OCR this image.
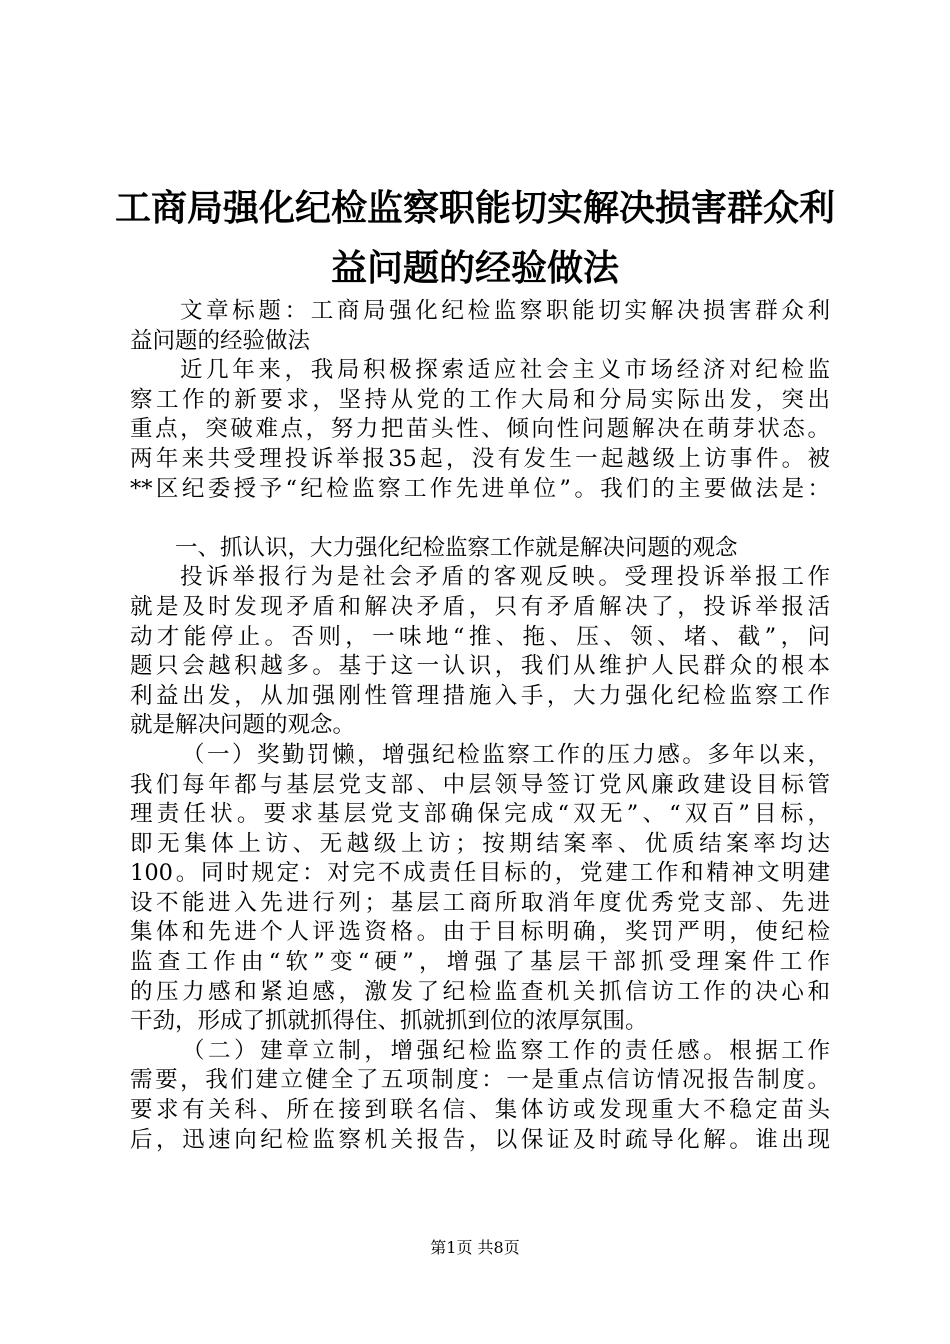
工商局强化纪检监察职能切实解决损害群众利
益问题的经验做法
文章标题：工商局强化纪检监察职能切实解决损害群众利
益问题的经验做法
近几年来，我局积极探索适应社会主义市场经济对纪检监
察工作的新要求，坚持从党的工作大局和分局实际出发，突出
重点，突破难点，努力把苗头性、倾向性问题解决在萌芽状态。
两年来共受理投诉举报35起，没有发生一起越级上访事件。被
**区纪委授予“纪检监察工作先进单位”。我们的主要做法是：
一、抓认识，大力强化纪检监察工作就是解决问题的观念
投诉举报行为是社会矛盾的客观反映。受理投诉举报工作
就是及时发现矛盾和解决矛盾，只有矛盾解决了，投诉举报活
动才能停止。否则，一味地“推、拖、压、领、堵、截”，问
题只会越积越多。基于这一认识，我们从维护人民群众的根本
利益出发，从加强刚性管理措施入手，大力强化纪检监察工作
就是解决问题的观念。
（一）奖勤罚懒，增强纪检监察工作的压力感。多年以来，
我们每年都与基层党支部、中层领导签订党风廉政建设目标管
理责任状。要求基层党支部确保完成“双无”、“双百”目标，
即无集体上访、无越级上访；按期结案率、优质结案率均达
100。同时规定：对完不成责任目标的，党建工作和精神文明建
设不能进入先进行列；基层工商所取消年度优秀党支部、先进
集体和先进个人评选资格。由于目标明确，奖罚严明，使纪检
监查工作由“软”变“硬”，增强了基层干部抓受理案件工作
的压力感和紧迫感，激发了纪检监查机关抓信访工作的决心和
干劲，形成了抓就抓得住、抓就抓到位的浓厚氛围。
（二）建章立制，增强纪检监察工作的责任感。根据工作
需要，我们建立健全了五项制度：一是重点信访情况报告制度。
要求有关科、所在接到联名信、集体访或发现重大不稳定苗头
后，迅速向纪检监察机关报告，以保证及时疏导化解。谁出现
第1页 共8页
